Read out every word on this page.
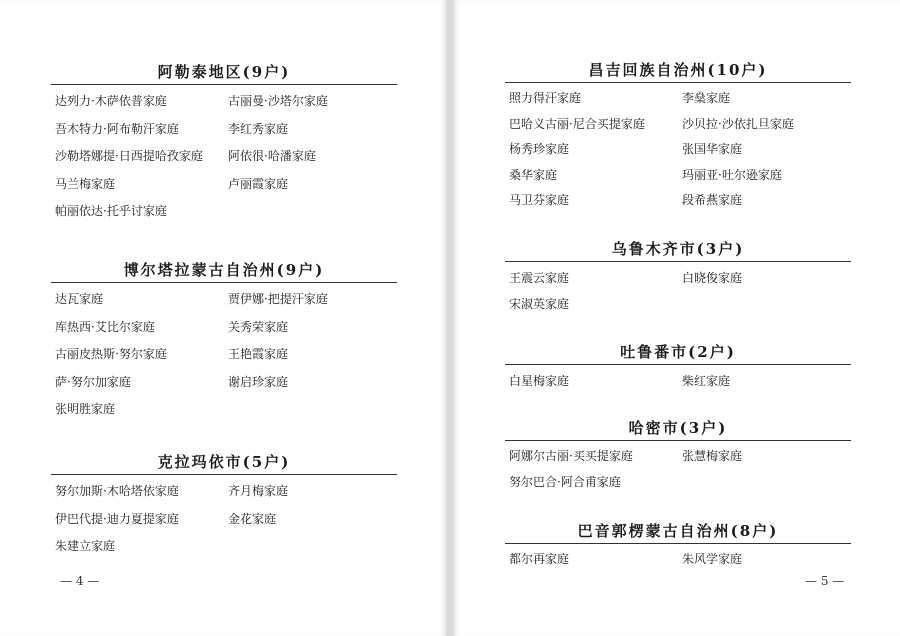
— 4 —	— 5 —
阿勒泰地区(9户)
达列力·木萨依普家庭	古丽曼·沙塔尔家庭
吾木特力·阿布勒汗家庭	李红秀家庭
沙勒塔娜提·日西提哈孜家庭	阿依很·哈潘家庭
马兰梅家庭	卢丽霞家庭
帕丽依达·托乎讨家庭
博尔塔拉蒙古自治州(9户)
达瓦家庭	贾伊娜·把提汗家庭
库热西·艾比尔家庭	关秀荣家庭
古丽皮热斯·努尔家庭	王艳霞家庭
萨·努尔加家庭	谢启珍家庭
张明胜家庭
克拉玛依市(5户)
努尔加斯·木哈塔依家庭	齐月梅家庭
伊巴代提·迪力夏提家庭	金花家庭
朱建立家庭
昌吉回族自治州(10户)
照力得汗家庭	李燊家庭
巴哈义古丽·尼合买提家庭	沙贝拉·沙依扎旦家庭
杨秀珍家庭	张国华家庭
桑华家庭	玛丽亚·吐尔逊家庭
马卫芬家庭	段希燕家庭
乌鲁木齐市(3户)
王震云家庭	白晓俊家庭
宋淑英家庭
吐鲁番市(2户)
白星梅家庭	柴红家庭
哈密市(3户)
阿娜尔古丽·买买提家庭	张慧梅家庭
努尔巴合·阿合甫家庭
巴音郭楞蒙古自治州(8户)
都尔再家庭	朱风学家庭
